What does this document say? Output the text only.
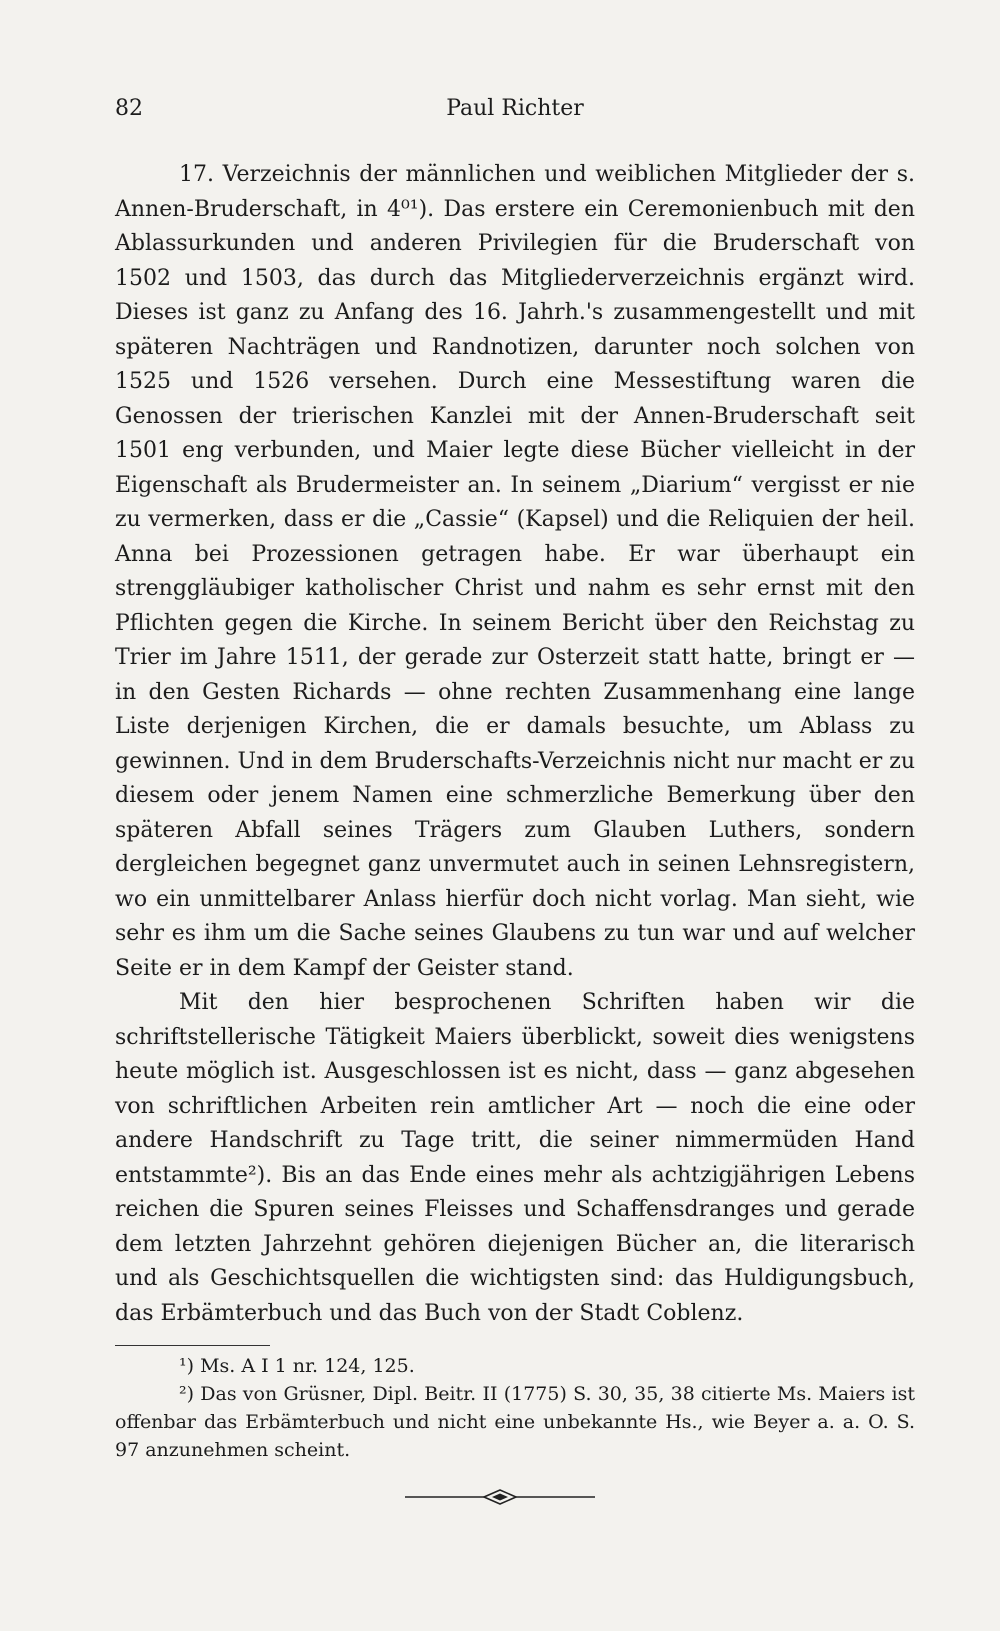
82	Paul Richter

17. Verzeichnis der männlichen und weiblichen Mitglieder der s. Annen-Bruderschaft, in 4⁰¹). Das erstere ein Ceremonienbuch mit den Ablassurkunden und anderen Privilegien für die Bruderschaft von 1502 und 1503, das durch das Mitgliederverzeichnis ergänzt wird. Dieses ist ganz zu Anfang des 16. Jahrh.'s zusammengestellt und mit späteren Nachträgen und Randnotizen, darunter noch solchen von 1525 und 1526 versehen. Durch eine Messestiftung waren die Genossen der trierischen Kanzlei mit der Annen-Bruderschaft seit 1501 eng verbunden, und Maier legte diese Bücher vielleicht in der Eigenschaft als Brudermeister an. In seinem „Diarium“ vergisst er nie zu vermerken, dass er die „Cassie“ (Kapsel) und die Reliquien der heil. Anna bei Prozessionen getragen habe. Er war überhaupt ein strenggläubiger katholischer Christ und nahm es sehr ernst mit den Pflichten gegen die Kirche. In seinem Bericht über den Reichstag zu Trier im Jahre 1511, der gerade zur Osterzeit statt hatte, bringt er — in den Gesten Richards — ohne rechten Zusammenhang eine lange Liste derjenigen Kirchen, die er damals besuchte, um Ablass zu gewinnen. Und in dem Bruderschafts-Verzeichnis nicht nur macht er zu diesem oder jenem Namen eine schmerzliche Bemerkung über den späteren Abfall seines Trägers zum Glauben Luthers, sondern dergleichen begegnet ganz unvermutet auch in seinen Lehnsregistern, wo ein unmittelbarer Anlass hierfür doch nicht vorlag. Man sieht, wie sehr es ihm um die Sache seines Glaubens zu tun war und auf welcher Seite er in dem Kampf der Geister stand.

Mit den hier besprochenen Schriften haben wir die schriftstellerische Tätigkeit Maiers überblickt, soweit dies wenigstens heute möglich ist. Ausgeschlossen ist es nicht, dass — ganz abgesehen von schriftlichen Arbeiten rein amtlicher Art — noch die eine oder andere Handschrift zu Tage tritt, die seiner nimmermüden Hand entstammte²). Bis an das Ende eines mehr als achtzigjährigen Lebens reichen die Spuren seines Fleisses und Schaffensdranges und gerade dem letzten Jahrzehnt gehören diejenigen Bücher an, die literarisch und als Geschichtsquellen die wichtigsten sind: das Huldigungsbuch, das Erbämterbuch und das Buch von der Stadt Coblenz.

¹) Ms. A I 1 nr. 124, 125.

²) Das von Grüsner, Dipl. Beitr. II (1775) S. 30, 35, 38 citierte Ms. Maiers ist offenbar das Erbämterbuch und nicht eine unbekannte Hs., wie Beyer a. a. O. S. 97 anzunehmen scheint.
